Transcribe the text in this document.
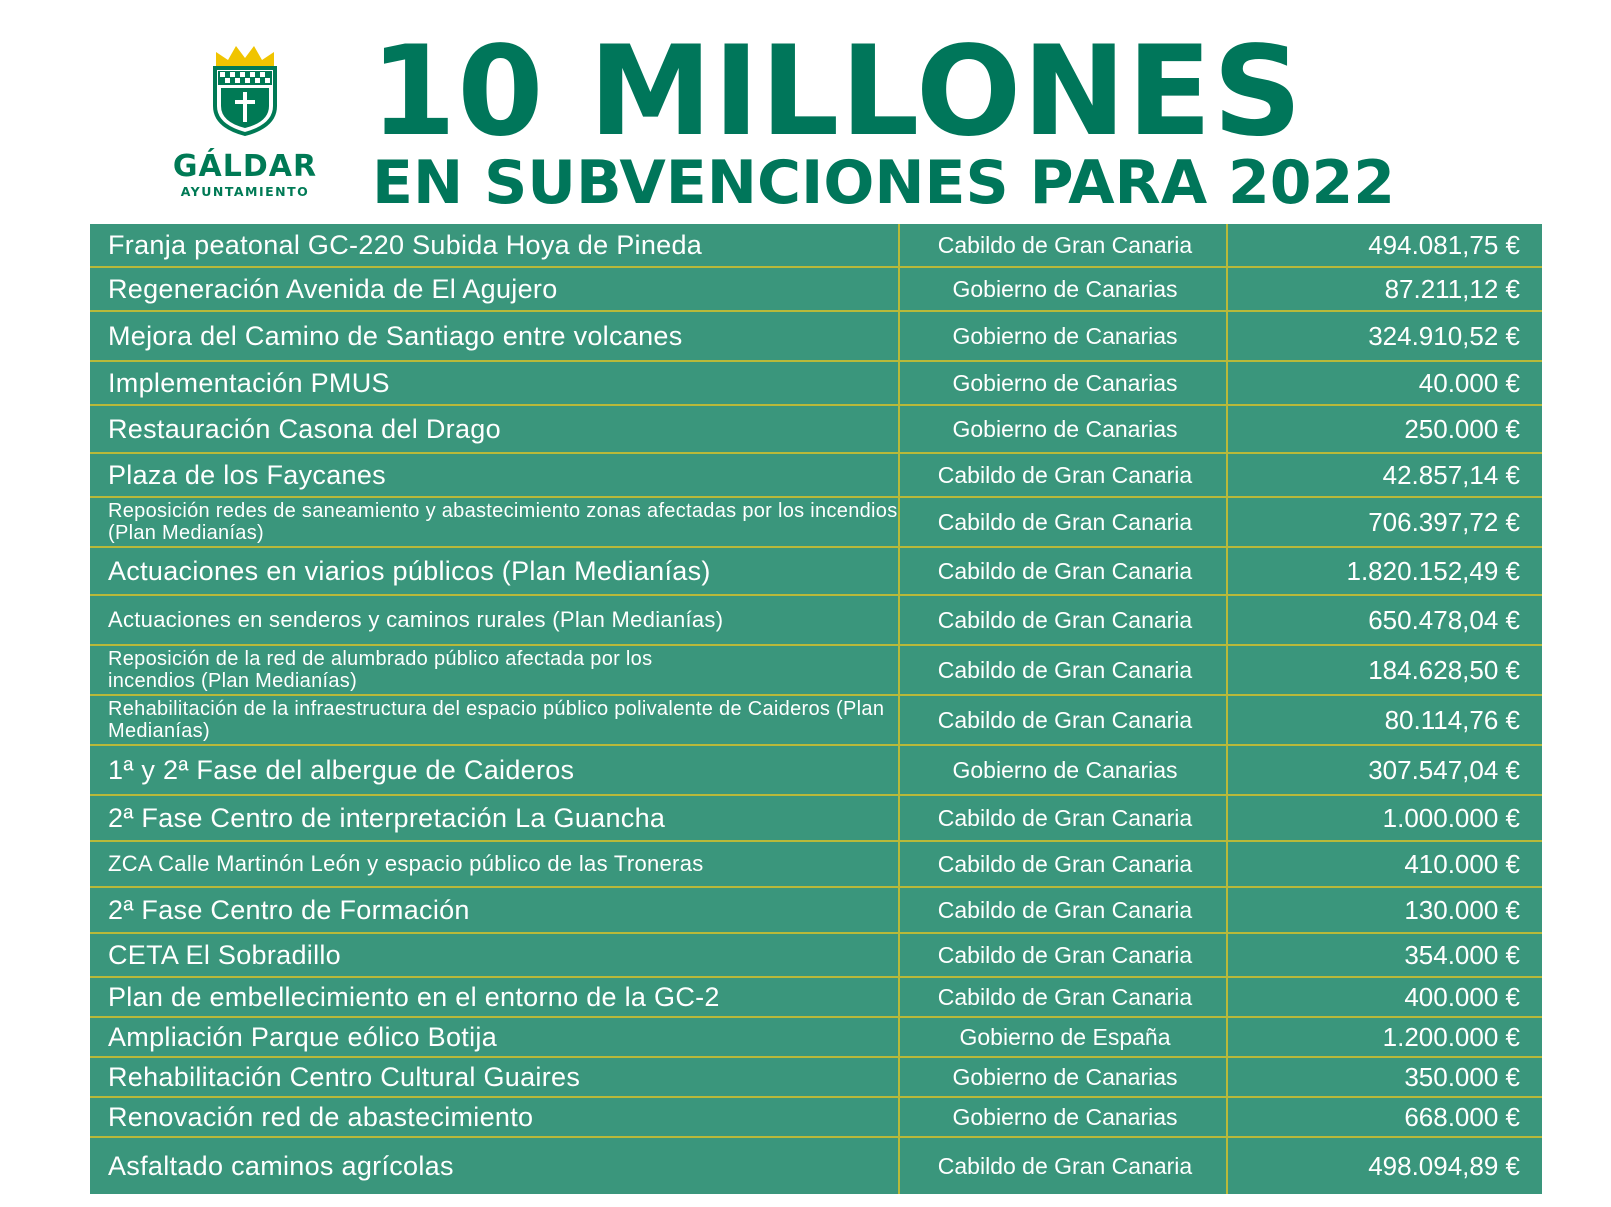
GÁLDAR
AYUNTAMIENTO
10 MILLONES
EN SUBVENCIONES PARA 2022
Franja peatonal GC-220 Subida Hoya de Pineda	Cabildo de Gran Canaria	494.081,75 €
Regeneración Avenida de El Agujero	Gobierno de Canarias	87.211,12 €
Mejora del Camino de Santiago entre volcanes	Gobierno de Canarias	324.910,52 €
Implementación PMUS	Gobierno de Canarias	40.000 €
Restauración Casona del Drago	Gobierno de Canarias	250.000 €
Plaza de los Faycanes	Cabildo de Gran Canaria	42.857,14 €
Reposición redes de saneamiento y abastecimiento zonas afectadas por los incendios (Plan Medianías)	Cabildo de Gran Canaria	706.397,72 €
Actuaciones en viarios públicos (Plan Medianías)	Cabildo de Gran Canaria	1.820.152,49 €
Actuaciones en senderos y caminos rurales (Plan Medianías)	Cabildo de Gran Canaria	650.478,04 €
Reposición de la red de alumbrado público afectada por los incendios (Plan Medianías)	Cabildo de Gran Canaria	184.628,50 €
Rehabilitación de la infraestructura del espacio público polivalente de Caideros (Plan Medianías)	Cabildo de Gran Canaria	80.114,76 €
1ª y 2ª Fase del albergue de Caideros	Gobierno de Canarias	307.547,04 €
2ª Fase Centro de interpretación La Guancha	Cabildo de Gran Canaria	1.000.000 €
ZCA Calle Martinón León y espacio público de las Troneras	Cabildo de Gran Canaria	410.000 €
2ª Fase Centro de Formación	Cabildo de Gran Canaria	130.000 €
CETA El Sobradillo	Cabildo de Gran Canaria	354.000 €
Plan de embellecimiento en el entorno de la GC-2	Cabildo de Gran Canaria	400.000 €
Ampliación Parque eólico Botija	Gobierno de España	1.200.000 €
Rehabilitación Centro Cultural Guaires	Gobierno de Canarias	350.000 €
Renovación red de abastecimiento	Gobierno de Canarias	668.000 €
Asfaltado caminos agrícolas	Cabildo de Gran Canaria	498.094,89 €
